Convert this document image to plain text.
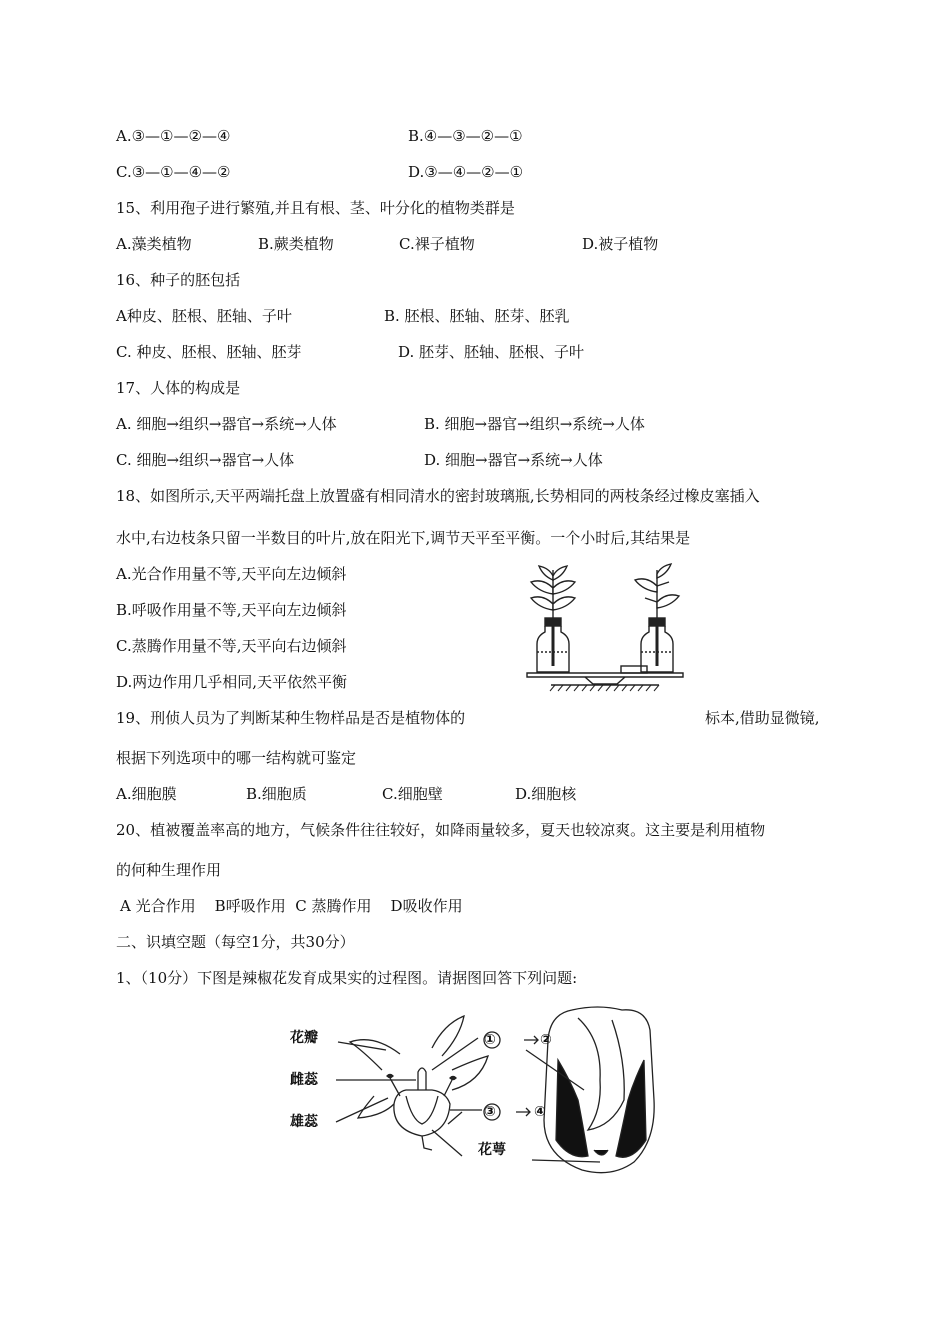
A.③—①—②—④	B.④—③—②—①
C.③—①—④—②	D.③—④—②—①
15、利用孢子进行繁殖,并且有根、茎、叶分化的植物类群是
A.藻类植物	B.蕨类植物	C.裸子植物	D.被子植物
16、种子的胚包括
A种皮、胚根、胚轴、子叶	B. 胚根、胚轴、胚芽、胚乳
C. 种皮、胚根、胚轴、胚芽	D. 胚芽、胚轴、胚根、子叶
17、人体的构成是
A. 细胞→组织→器官→系统→人体	B. 细胞→器官→组织→系统→人体
C. 细胞→组织→器官→人体	D. 细胞→器官→系统→人体
18、如图所示,天平两端托盘上放置盛有相同清水的密封玻璃瓶,长势相同的两枝条经过橡皮塞插入
水中,右边枝条只留一半数目的叶片,放在阳光下,调节天平至平衡。一个小时后,其结果是
A.光合作用量不等,天平向左边倾斜
B.呼吸作用量不等,天平向左边倾斜
C.蒸腾作用量不等,天平向右边倾斜
D.两边作用几乎相同,天平依然平衡
19、刑侦人员为了判断某种生物样品是否是植物体的	标本,借助显微镜,
根据下列选项中的哪一结构就可鉴定
A.细胞膜	B.细胞质	C.细胞壁	D.细胞核
20、植被覆盖率高的地方，气候条件往往较好，如降雨量较多，夏天也较凉爽。这主要是利用植物
的何种生理作用
A 光合作用    B呼吸作用  C 蒸腾作用    D吸收作用
二、识填空题（每空1分，共30分）
1、（10分）下图是辣椒花发育成果实的过程图。请据图回答下列问题:
花瓣
雌蕊
雄蕊
花萼
①	②
③	④
